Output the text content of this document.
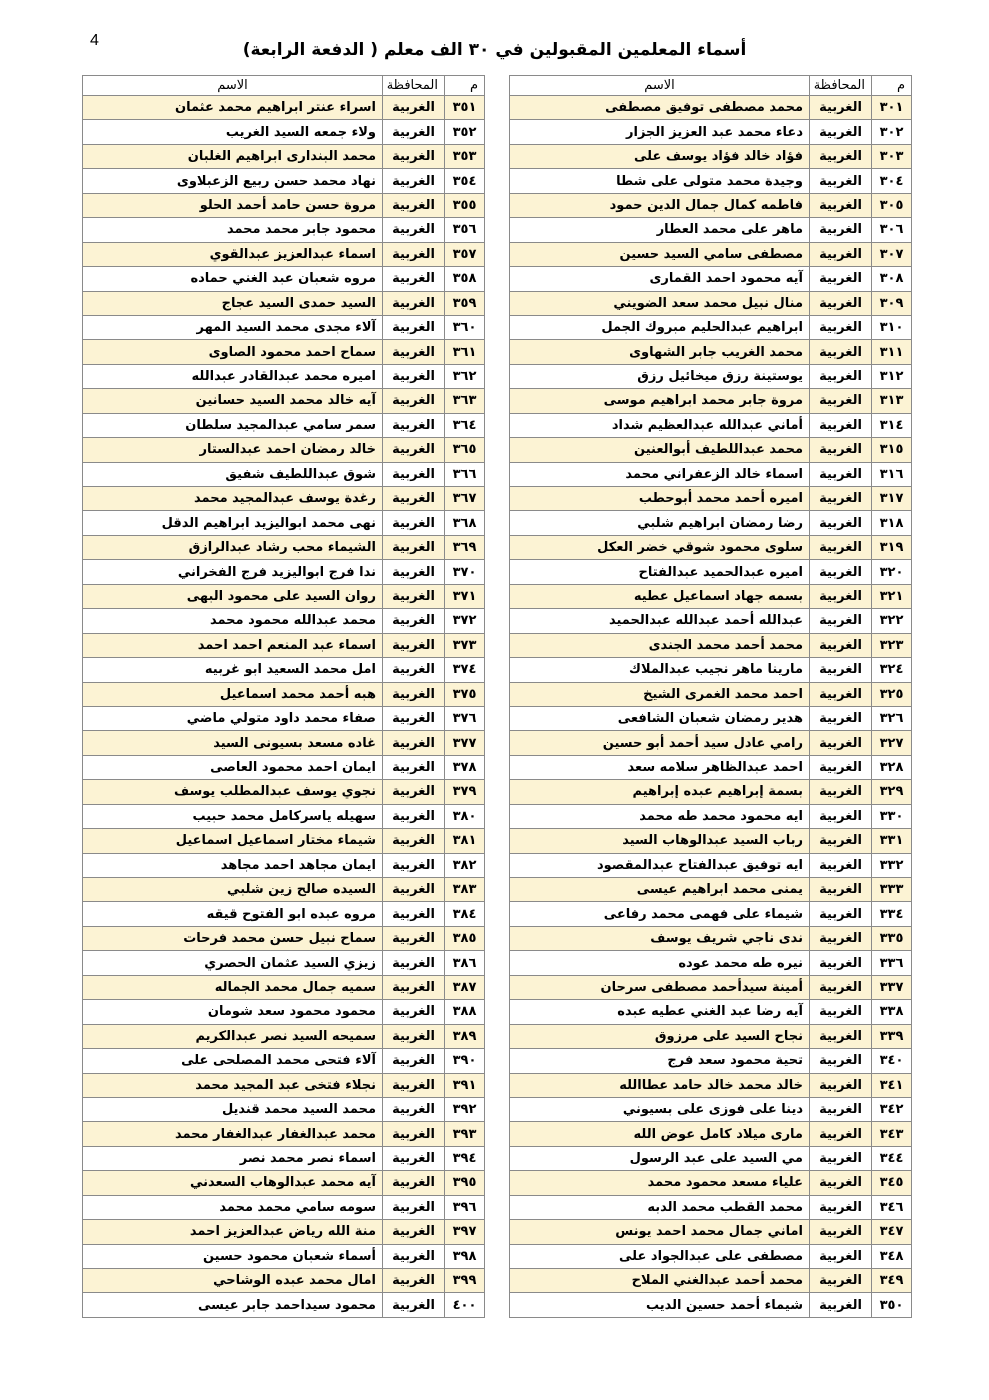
4	أسماء المعلمين المقبولين في ٣٠ الف معلم ( الدفعة الرابعة)
م	المحافظة	الاسم
٣٠١	الغربية	محمد مصطفى توفيق مصطفى
٣٠٢	الغربية	دعاء محمد عبد العزيز الجزار
٣٠٣	الغربية	فؤاد خالد فؤاد يوسف على
٣٠٤	الغربية	وجيدة محمد متولى على شطا
٣٠٥	الغربية	فاطمه كمال جمال الدين حمود
٣٠٦	الغربية	ماهر على محمد العطار
٣٠٧	الغربية	مصطفى سامي السيد حسين
٣٠٨	الغربية	آيه محمود احمد القمارى
٣٠٩	الغربية	منال نبيل محمد سعد الضويني
٣١٠	الغربية	ابراهيم عبدالحليم مبروك الجمل
٣١١	الغربية	محمد الغريب جابر الشهاوى
٣١٢	الغربية	يوستينة رزق ميخائيل رزق
٣١٣	الغربية	مروة جابر محمد ابراهيم موسى
٣١٤	الغربية	أماني عبدالله عبدالعظيم شداد
٣١٥	الغربية	محمد عبداللطيف أبوالعنين
٣١٦	الغربية	اسماء خالد الزعفراني محمد
٣١٧	الغربية	اميره أحمد محمد أبوحطب
٣١٨	الغربية	رضا رمضان ابراهيم شلبي
٣١٩	الغربية	سلوى محمود شوقي خضر العكل
٣٢٠	الغربية	اميره عبدالحميد عبدالفتاح
٣٢١	الغربية	بسمه جهاد اسماعيل عطيه
٣٢٢	الغربية	عبدالله أحمد عبدالله عبدالحميد
٣٢٣	الغربية	محمد أحمد محمد الجندى
٣٢٤	الغربية	مارينا ماهر نجيب عبدالملاك
٣٢٥	الغربية	احمد محمد الغمرى الشيخ
٣٢٦	الغربية	هدير رمضان شعبان الشافعى
٣٢٧	الغربية	رامي عادل سيد أحمد أبو حسين
٣٢٨	الغربية	احمد عبدالظاهر سلامه سعد
٣٢٩	الغربية	بسمة إبراهيم عبده إبراهيم
٣٣٠	الغربية	ايه محمود محمد طه محمد
٣٣١	الغربية	رباب السيد عبدالوهاب السيد
٣٣٢	الغربية	ايه توفيق عبدالفتاح عبدالمقصود
٣٣٣	الغربية	يمنى محمد ابراهيم عيسى
٣٣٤	الغربية	شيماء على فهمى محمد رفاعى
٣٣٥	الغربية	ندى ناجي شريف يوسف
٣٣٦	الغربية	نيره طه محمد عوده
٣٣٧	الغربية	أمينة سيدأحمد مصطفى سرحان
٣٣٨	الغربية	آيه رضا عبد الغني عطيه عبده
٣٣٩	الغربية	نجاح السيد على مرزوق
٣٤٠	الغربية	تحية محمود سعد فرج
٣٤١	الغربية	خالد محمد خالد حامد عطاالله
٣٤٢	الغربية	دينا على فوزى على بسيوني
٣٤٣	الغربية	مارى ميلاد كامل عوض الله
٣٤٤	الغربية	مي السيد على عبد الرسول
٣٤٥	الغربية	علياء مسعد محمود محمد
٣٤٦	الغربية	محمد القطب محمد الدبه
٣٤٧	الغربية	اماني جمال محمد احمد يونس
٣٤٨	الغربية	مصطفى على عبدالجواد على
٣٤٩	الغربية	محمد أحمد عبدالغني الملاح
٣٥٠	الغربية	شيماء أحمد حسين الديب
م	المحافظة	الاسم
٣٥١	الغربية	اسراء عنتر ابراهيم محمد عثمان
٣٥٢	الغربية	ولاء جمعه السيد الغريب
٣٥٣	الغربية	محمد البندارى ابراهيم الغلبان
٣٥٤	الغربية	نهاد محمد حسن ربيع الزعبلاوى
٣٥٥	الغربية	مروة حسن حامد أحمد الحلو
٣٥٦	الغربية	محمود جابر محمد محمد
٣٥٧	الغربية	اسماء عبدالعزيز عبدالقوي
٣٥٨	الغربية	مروه شعبان عبد الغني حماده
٣٥٩	الغربية	السيد حمدى السيد عجاج
٣٦٠	الغربية	آلاء مجدى محمد السيد المهر
٣٦١	الغربية	سماح احمد محمود الصاوى
٣٦٢	الغربية	اميره محمد عبدالقادر عبدالله
٣٦٣	الغربية	آيه خالد محمد السيد حسانين
٣٦٤	الغربية	سمر سامي عبدالمجيد سلطان
٣٦٥	الغربية	خالد رمضان احمد عبدالستار
٣٦٦	الغربية	شوق عبداللطيف شفيق
٣٦٧	الغربية	رغدة يوسف عبدالمجيد محمد
٣٦٨	الغربية	نهى محمد ابواليزيد ابراهيم الدقل
٣٦٩	الغربية	الشيماء محب رشاد عبدالرازق
٣٧٠	الغربية	ندا فرج ابواليزيد فرج الفخراني
٣٧١	الغربية	روان السيد على محمود البهى
٣٧٢	الغربية	محمد عبدالله محمود محمد
٣٧٣	الغربية	اسماء عبد المنعم احمد احمد
٣٧٤	الغربية	امل محمد السعيد ابو غربيه
٣٧٥	الغربية	هبه أحمد محمد اسماعيل
٣٧٦	الغربية	صفاء محمد داود متولي ماضي
٣٧٧	الغربية	غاده مسعد بسيونى السيد
٣٧٨	الغربية	ايمان احمد محمود العاصى
٣٧٩	الغربية	نجوي يوسف عبدالمطلب يوسف
٣٨٠	الغربية	سهيله ياسركامل محمد حبيب
٣٨١	الغربية	شيماء مختار اسماعيل اسماعيل
٣٨٢	الغربية	ايمان مجاهد احمد مجاهد
٣٨٣	الغربية	السيده صالح زين شلبي
٣٨٤	الغربية	مروه عبده ابو الفتوح قيقه
٣٨٥	الغربية	سماح نبيل حسن محمد فرحات
٣٨٦	الغربية	زيزي السيد عثمان الحصري
٣٨٧	الغربية	سميه جمال محمد الجماله
٣٨٨	الغربية	محمود محمود سعد شومان
٣٨٩	الغربية	سميحه السيد نصر عبدالكريم
٣٩٠	الغربية	آلاء فتحى محمد المصلحى على
٣٩١	الغربية	نجلاء فتخى عبد المجيد محمد
٣٩٢	الغربية	محمد السيد محمد قنديل
٣٩٣	الغربية	محمد عبدالغفار عبدالغفار محمد
٣٩٤	الغربية	اسماء نصر محمد نصر
٣٩٥	الغربية	آيه محمد عبدالوهاب السعدني
٣٩٦	الغربية	سومه سامي محمد محمد
٣٩٧	الغربية	منة الله رياض عبدالعزيز احمد
٣٩٨	الغربية	أسماء شعبان محمود حسين
٣٩٩	الغربية	امال محمد عبده الوشاحي
٤٠٠	الغربية	محمود سيداحمد جابر عيسى
